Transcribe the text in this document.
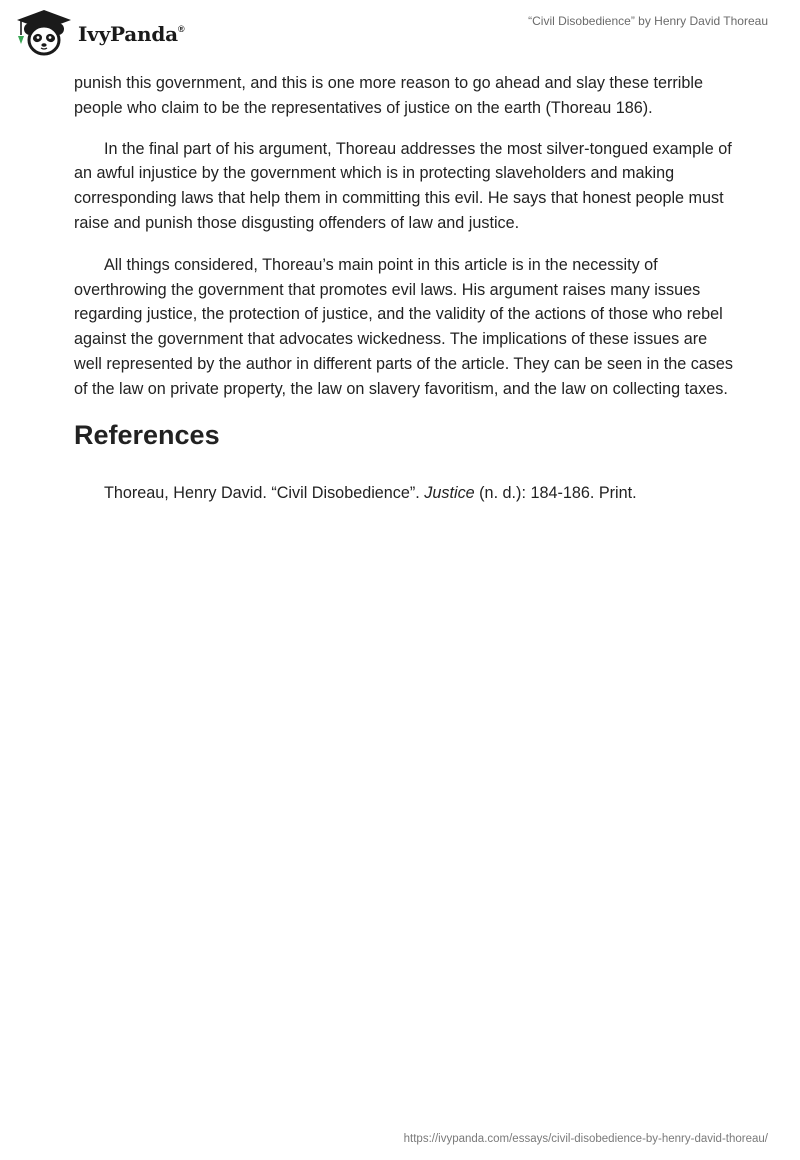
IvyPanda®
“Civil Disobedience” by Henry David Thoreau

punish this government, and this is one more reason to go ahead and slay these terrible people who claim to be the representatives of justice on the earth (Thoreau 186).

In the final part of his argument, Thoreau addresses the most silver-tongued example of an awful injustice by the government which is in protecting slaveholders and making corresponding laws that help them in committing this evil. He says that honest people must raise and punish those disgusting offenders of law and justice.

All things considered, Thoreau’s main point in this article is in the necessity of overthrowing the government that promotes evil laws. His argument raises many issues regarding justice, the protection of justice, and the validity of the actions of those who rebel against the government that advocates wickedness. The implications of these issues are well represented by the author in different parts of the article. They can be seen in the cases of the law on private property, the law on slavery favoritism, and the law on collecting taxes.

References

Thoreau, Henry David. “Civil Disobedience”. Justice (n. d.): 184-186. Print.

https://ivypanda.com/essays/civil-disobedience-by-henry-david-thoreau/
